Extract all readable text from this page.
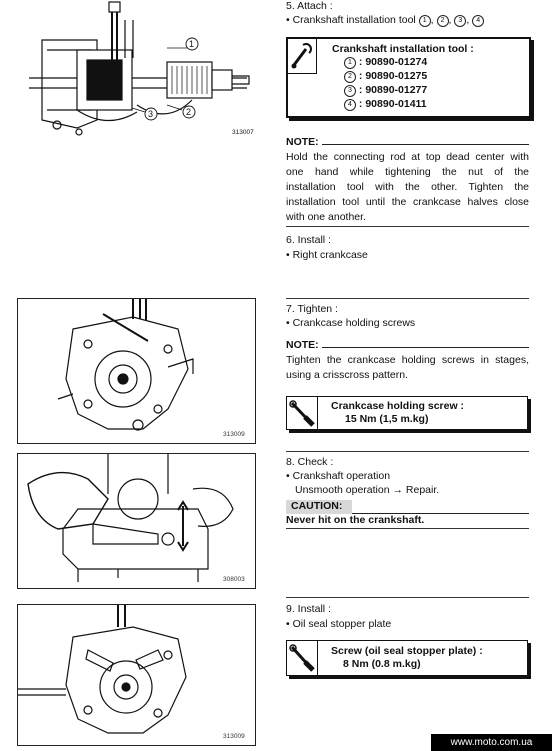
1
2
3
313007
5. Attach :
• Crankshaft installation tool 1 , 2 , 3 , 4
Crankshaft installation tool :
1 : 90890-01274
2 : 90890-01275
3 : 90890-01277
4 : 90890-01411
NOTE:
Hold the connecting rod at top dead center with
one hand while tightening the nut of the
installation tool with the other. Tighten the
installation tool until the crankcase halves close
with one another.
6. Install :
• Right crankcase
313009
7. Tighten :
• Crankcase holding screws
NOTE:
Tighten the crankcase holding screws in stages,
using a crisscross pattern.
Crankcase holding screw :
15 Nm (1,5 m.kg)
308003
8. Check :
• Crankshaft operation
Unsmooth operation → Repair.
CAUTION:
Never hit on the crankshaft.
313009
9. Install :
• Oil seal stopper plate
Screw (oil seal stopper plate) :
8 Nm (0.8 m.kg)
www.moto.com.ua
